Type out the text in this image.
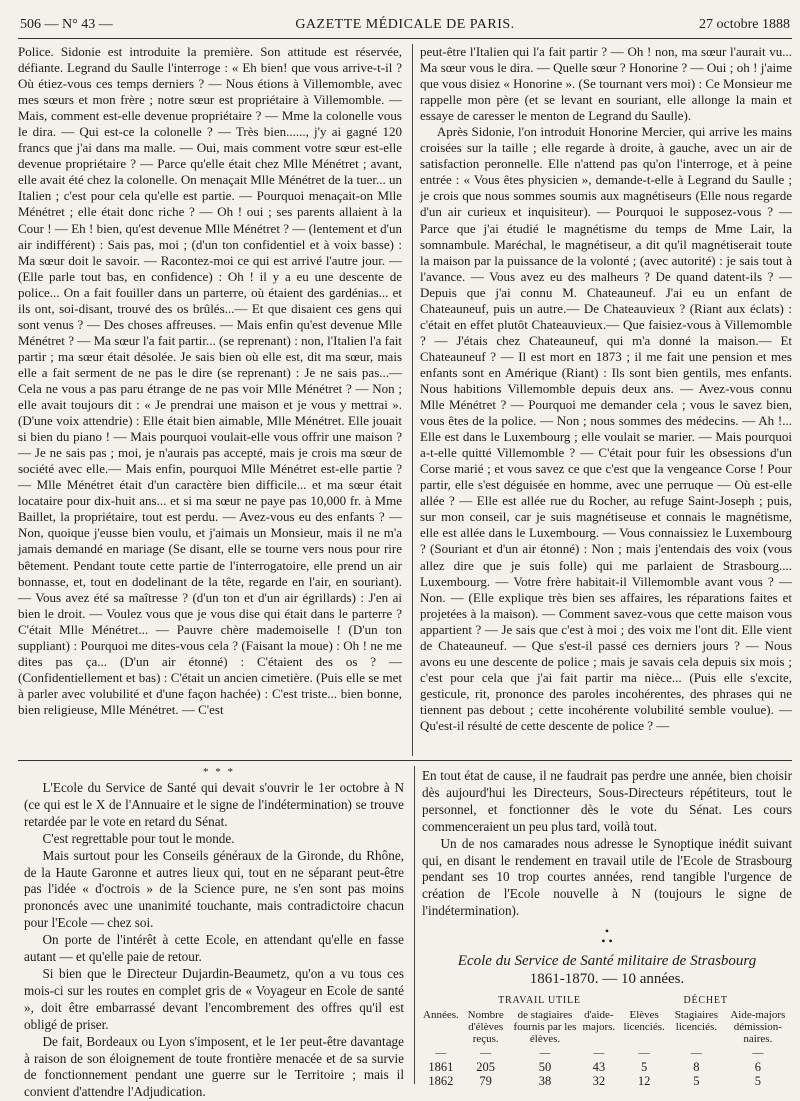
506 — N° 43 —	GAZETTE MÉDICALE DE PARIS.	27 octobre 1888

Police. Sidonie est introduite la première. Son attitude est réservée, défiante. Legrand du Saulle l'interroge : « Eh bien! que vous arrive-t-il ? Où étiez-vous ces temps derniers ? — Nous étions à Villemomble, avec mes sœurs et mon frère ; notre sœur est propriétaire à Villemomble. — Mais, comment est-elle devenue propriétaire ? — Mme la colonelle vous le dira. — Qui est-ce la colonelle ? — Très bien......, j'y ai gagné 120 francs que j'ai dans ma malle. — Oui, mais comment votre sœur est-elle devenue propriétaire ? — Parce qu'elle était chez Mlle Ménétret ; avant, elle avait été chez la colonelle. On menaçait Mlle Ménétret de la tuer... un Italien ; c'est pour cela qu'elle est partie. — Pourquoi menaçait-on Mlle Ménétret ; elle était donc riche ? — Oh ! oui ; ses parents allaient à la Cour ! — Eh ! bien, qu'est devenue Mlle Ménétret ? — (lentement et d'un air indifférent) : Sais pas, moi ; (d'un ton confidentiel et à voix basse) : Ma sœur doit le savoir. — Racontez-moi ce qui est arrivé l'autre jour. — (Elle parle tout bas, en confidence) : Oh ! il y a eu une descente de police... On a fait fouiller dans un parterre, où étaient des gardénias... et ils ont, soi-disant, trouvé des os brûlés...— Et que disaient ces gens qui sont venus ? — Des choses affreuses. — Mais enfin qu'est devenue Mlle Ménétret ? — Ma sœur l'a fait partir... (se reprenant) : non, l'Italien l'a fait partir ; ma sœur était désolée. Je sais bien où elle est, dit ma sœur, mais elle a fait serment de ne pas le dire (se reprenant) : Je ne sais pas...— Cela ne vous a pas paru étrange de ne pas voir Mlle Ménétret ? — Non ; elle avait toujours dit : « Je prendrai une maison et je vous y mettrai ». (D'une voix attendrie) : Elle était bien aimable, Mlle Ménétret. Elle jouait si bien du piano ! — Mais pourquoi voulait-elle vous offrir une maison ? — Je ne sais pas ; moi, je n'aurais pas accepté, mais je crois ma sœur de société avec elle.— Mais enfin, pourquoi Mlle Ménétret est-elle partie ? — Mlle Ménétret était d'un caractère bien difficile... et ma sœur était locataire pour dix-huit ans... et si ma sœur ne paye pas 10,000 fr. à Mme Baillet, la propriétaire, tout est perdu. — Avez-vous eu des enfants ? — Non, quoique j'eusse bien voulu, et j'aimais un Monsieur, mais il ne m'a jamais demandé en mariage (Se disant, elle se tourne vers nous pour rire bêtement. Pendant toute cette partie de l'interrogatoire, elle prend un air bonnasse, et, tout en dodelinant de la tête, regarde en l'air, en souriant). — Vous avez été sa maîtresse ? (d'un ton et d'un air égrillards) : J'en ai bien le droit. — Voulez vous que je vous dise qui était dans le parterre ? C'était Mlle Ménétret... — Pauvre chère mademoiselle ! (D'un ton suppliant) : Pourquoi me dites-vous cela ? (Faisant la moue) : Oh ! ne me dites pas ça... (D'un air étonné) : C'étaient des os ? — (Confidentiellement et bas) : C'était un ancien cimetière. (Puis elle se met à parler avec volubilité et d'une façon hachée) : C'est triste... bien bonne, bien religieuse, Mlle Ménétret. — C'est

peut-être l'Italien qui l'a fait partir ? — Oh ! non, ma sœur l'aurait vu... Ma sœur vous le dira. — Quelle sœur ? Honorine ? — Oui ; oh ! j'aime que vous disiez « Honorine ». (Se tournant vers moi) : Ce Monsieur me rappelle mon père (et se levant en souriant, elle allonge la main et essaye de caresser le menton de Legrand du Saulle).

Après Sidonie, l'on introduit Honorine Mercier, qui arrive les mains croisées sur la taille ; elle regarde à droite, à gauche, avec un air de satisfaction peronnelle. Elle n'attend pas qu'on l'interroge, et à peine entrée : « Vous êtes physicien », demande-t-elle à Legrand du Saulle ; je crois que nous sommes soumis aux magnétiseurs (Elle nous regarde d'un air curieux et inquisiteur). — Pourquoi le supposez-vous ? — Parce que j'ai étudié le magnétisme du temps de Mme Lair, la somnambule. Maréchal, le magnétiseur, a dit qu'il magnétiserait toute la maison par la puissance de la volonté ; (avec autorité) : je sais tout à l'avance. — Vous avez eu des malheurs ? De quand datent-ils ? — Depuis que j'ai connu M. Chateauneuf. J'ai eu un enfant de Chateauneuf, puis un autre.— De Chateauvieux ? (Riant aux éclats) : c'était en effet plutôt Chateauvieux.— Que faisiez-vous à Villemomble ? — J'étais chez Chateauneuf, qui m'a donné la maison.— Et Chateauneuf ? — Il est mort en 1873 ; il me fait une pension et mes enfants sont en Amérique (Riant) : Ils sont bien gentils, mes enfants. Nous habitions Villemomble depuis deux ans. — Avez-vous connu Mlle Ménétret ? — Pourquoi me demander cela ; vous le savez bien, vous êtes de la police. — Non ; nous sommes des médecins. — Ah !... Elle est dans le Luxembourg ; elle voulait se marier. — Mais pourquoi a-t-elle quitté Villemomble ? — C'était pour fuir les obsessions d'un Corse marié ; et vous savez ce que c'est que la vengeance Corse ! Pour partir, elle s'est déguisée en homme, avec une perruque — Où est-elle allée ? — Elle est allée rue du Rocher, au refuge Saint-Joseph ; puis, sur mon conseil, car je suis magnétiseuse et connais le magnétisme, elle est allée dans le Luxembourg. — Vous connaissiez le Luxembourg ? (Souriant et d'un air étonné) : Non ; mais j'entendais des voix (vous allez dire que je suis folle) qui me parlaient de Strasbourg.... Luxembourg. — Votre frère habitait-il Villemomble avant vous ? — Non. — (Elle explique très bien ses affaires, les réparations faites et projetées à la maison). — Comment savez-vous que cette maison vous appartient ? — Je sais que c'est à moi ; des voix me l'ont dit. Elle vient de Chateauneuf. — Que s'est-il passé ces derniers jours ? — Nous avons eu une descente de police ; mais je savais cela depuis six mois ; c'est pour cela que j'ai fait partir ma nièce... (Puis elle s'excite, gesticule, rit, prononce des paroles incohérentes, des phrases qui ne tiennent pas debout ; cette incohérente volubilité semble voulue). — Qu'est-il résulté de cette descente de police ? —

* * *

L'Ecole du Service de Santé qui devait s'ouvrir le 1er octobre à N (ce qui est le X de l'Annuaire et le signe de l'indétermination) se trouve retardée par le vote en retard du Sénat.

C'est regrettable pour tout le monde.

Mais surtout pour les Conseils généraux de la Gironde, du Rhône, de la Haute Garonne et autres lieux qui, tout en ne séparant peut-être pas l'idée « d'octrois » de la Science pure, ne s'en sont pas moins prononcés avec une unanimité touchante, mais contradictoire chacun pour l'Ecole — chez soi.

On porte de l'intérêt à cette Ecole, en attendant qu'elle en fasse autant — et qu'elle paie de retour.

Si bien que le Directeur Dujardin-Beaumetz, qu'on a vu tous ces mois-ci sur les routes en complet gris de « Voyageur en Ecole de santé », doit être embarrassé devant l'encombrement des offres qu'il est obligé de priser.

De fait, Bordeaux ou Lyon s'imposent, et le 1er peut-être davantage à raison de son éloignement de toute frontière menacée et de sa survie de fonctionnement pendant une guerre sur le Territoire ; mais il convient d'attendre l'Adjudication.

En tout état de cause, il ne faudrait pas perdre une année, bien choisir dès aujourd'hui les Directeurs, Sous-Directeurs répétiteurs, tout le personnel, et fonctionner dès le vote du Sénat. Les cours commenceraient un peu plus tard, voilà tout.

Un de nos camarades nous adresse le Synoptique inédit suivant qui, en disant le rendement en travail utile de l'Ecole de Strasbourg pendant ses 10 trop courtes années, rend tangible l'urgence de création de l'Ecole nouvelle à N (toujours le signe de l'indétermination).

•
• •
Ecole du Service de Santé militaire de Strasbourg
1861-1870. — 10 années.
	TRAVAIL UTILE			DÉCHET		
Années.	Nombre d'élèves reçus.	de stagiaires fournis par les élèves.	d'aide-majors.	Elèves licenciés.	Stagiaires licenciés.	Aide-majors démission-naires.
—	—	—	—	—	—	—
1861	205	50	43	5	8	6
1862	79	38	32	12	5	5
